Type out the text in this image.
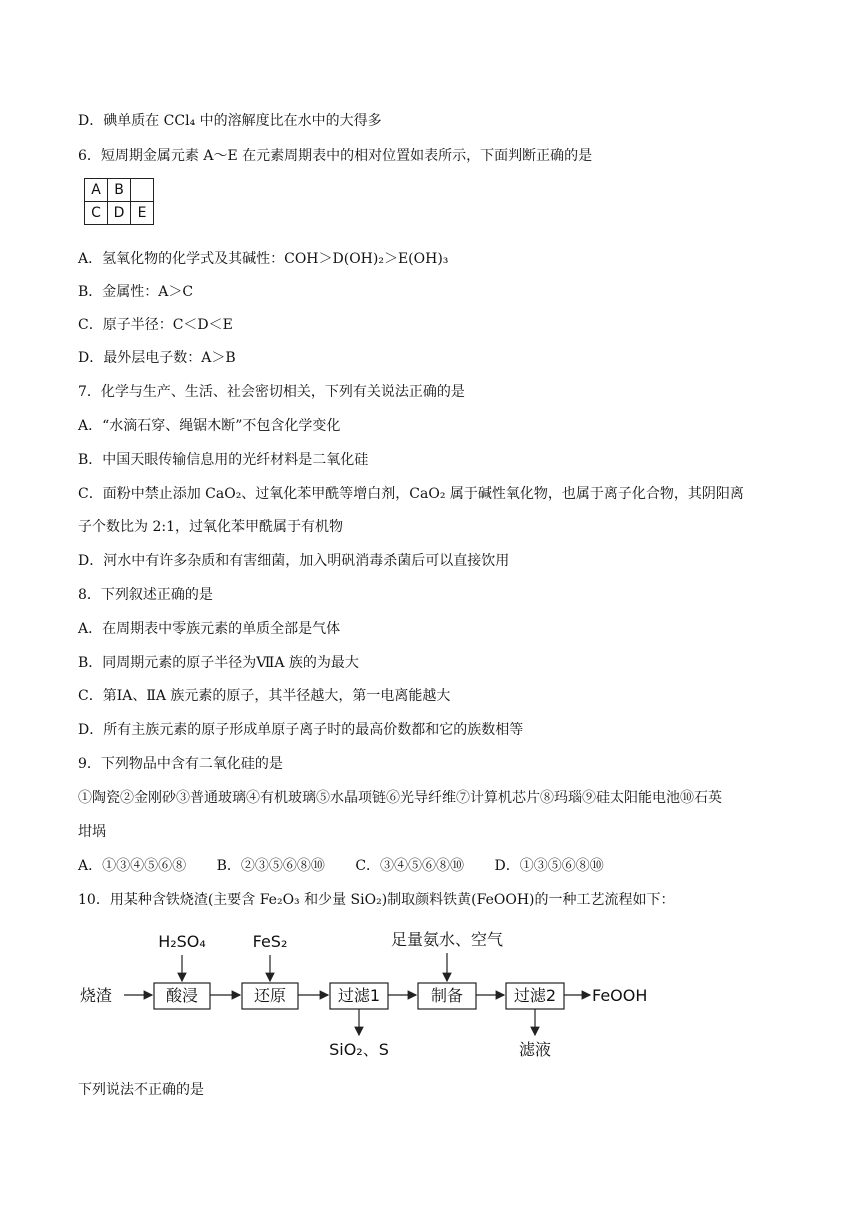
D．碘单质在 CCl₄ 中的溶解度比在水中的大得多
6．短周期金属元素 A～E 在元素周期表中的相对位置如表所示，下面判断正确的是
A	B	
C	D	E
A．氢氧化物的化学式及其碱性：COH＞D(OH)₂＞E(OH)₃
B．金属性：A＞C
C．原子半径：C＜D＜E
D．最外层电子数：A＞B
7．化学与生产、生活、社会密切相关，下列有关说法正确的是
A．“水滴石穿、绳锯木断”不包含化学变化
B．中国天眼传输信息用的光纤材料是二氧化硅
C．面粉中禁止添加 CaO₂、过氧化苯甲酰等增白剂，CaO₂ 属于碱性氧化物，也属于离子化合物，其阴阳离
子个数比为 2:1，过氧化苯甲酰属于有机物
D．河水中有许多杂质和有害细菌，加入明矾消毒杀菌后可以直接饮用
8．下列叙述正确的是
A．在周期表中零族元素的单质全部是气体
B．同周期元素的原子半径为ⅦA 族的为最大
C．第ⅠA、ⅡA 族元素的原子，其半径越大，第一电离能越大
D．所有主族元素的原子形成单原子离子时的最高价数都和它的族数相等
9．下列物品中含有二氧化硅的是
①陶瓷②金刚砂③普通玻璃④有机玻璃⑤水晶项链⑥光导纤维⑦计算机芯片⑧玛瑙⑨硅太阳能电池⑩石英
坩埚
A．①③④⑤⑥⑧ B．②③⑤⑥⑧⑩ C．③④⑤⑥⑧⑩ D．①③⑤⑥⑧⑩
10．用某种含铁烧渣(主要含 Fe₂O₃ 和少量 SiO₂)制取颜料铁黄(FeOOH)的一种工艺流程如下：
烧渣	酸浸	还原	过滤1	制备	过滤2 FeOOH
H₂SO₄	FeS₂	足量氨水、空气
SiO₂、S	滤液
下列说法不正确的是
